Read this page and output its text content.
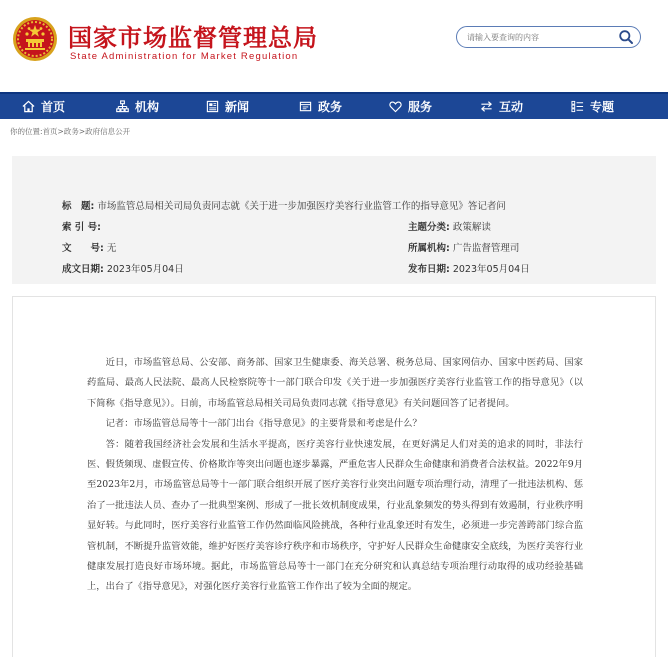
国家市场监督管理总局
State Administration for Market Regulation
请输入要查询的内容
首页	机构	新闻	政务	服务	互动	专题
你的位置:首页>政务>政府信息公开
标　题: 市场监管总局相关司局负责同志就《关于进一步加强医疗美容行业监管工作的指导意见》答记者问
索 引 号:	主题分类: 政策解读
文　　号: 无	所属机构: 广告监督管理司
成文日期: 2023年05月04日	发布日期: 2023年05月04日

近日，市场监管总局、公安部、商务部、国家卫生健康委、海关总署、税务总局、国家网信办、国家中医药局、国家药监局、最高人民法院、最高人民检察院等十一部门联合印发《关于进一步加强医疗美容行业监管工作的指导意见》（以下简称《指导意见》）。日前，市场监管总局相关司局负责同志就《指导意见》有关问题回答了记者提问。

记者：市场监管总局等十一部门出台《指导意见》的主要背景和考虑是什么？

答：随着我国经济社会发展和生活水平提高，医疗美容行业快速发展，在更好满足人们对美的追求的同时，非法行医、假货频现、虚假宣传、价格欺诈等突出问题也逐步暴露，严重危害人民群众生命健康和消费者合法权益。2022年9月至2023年2月，市场监管总局等十一部门联合组织开展了医疗美容行业突出问题专项治理行动，清理了一批违法机构、惩治了一批违法人员、查办了一批典型案例、形成了一批长效机制度成果，行业乱象频发的势头得到有效遏制，行业秩序明显好转。与此同时，医疗美容行业监管工作仍然面临风险挑战，各种行业乱象还时有发生，必须进一步完善跨部门综合监管机制，不断提升监管效能，维护好医疗美容诊疗秩序和市场秩序，守护好人民群众生命健康安全底线，为医疗美容行业健康发展打造良好市场环境。据此，市场监管总局等十一部门在充分研究和认真总结专项治理行动取得的成功经验基础上，出台了《指导意见》，对强化医疗美容行业监管工作作出了较为全面的规定。
